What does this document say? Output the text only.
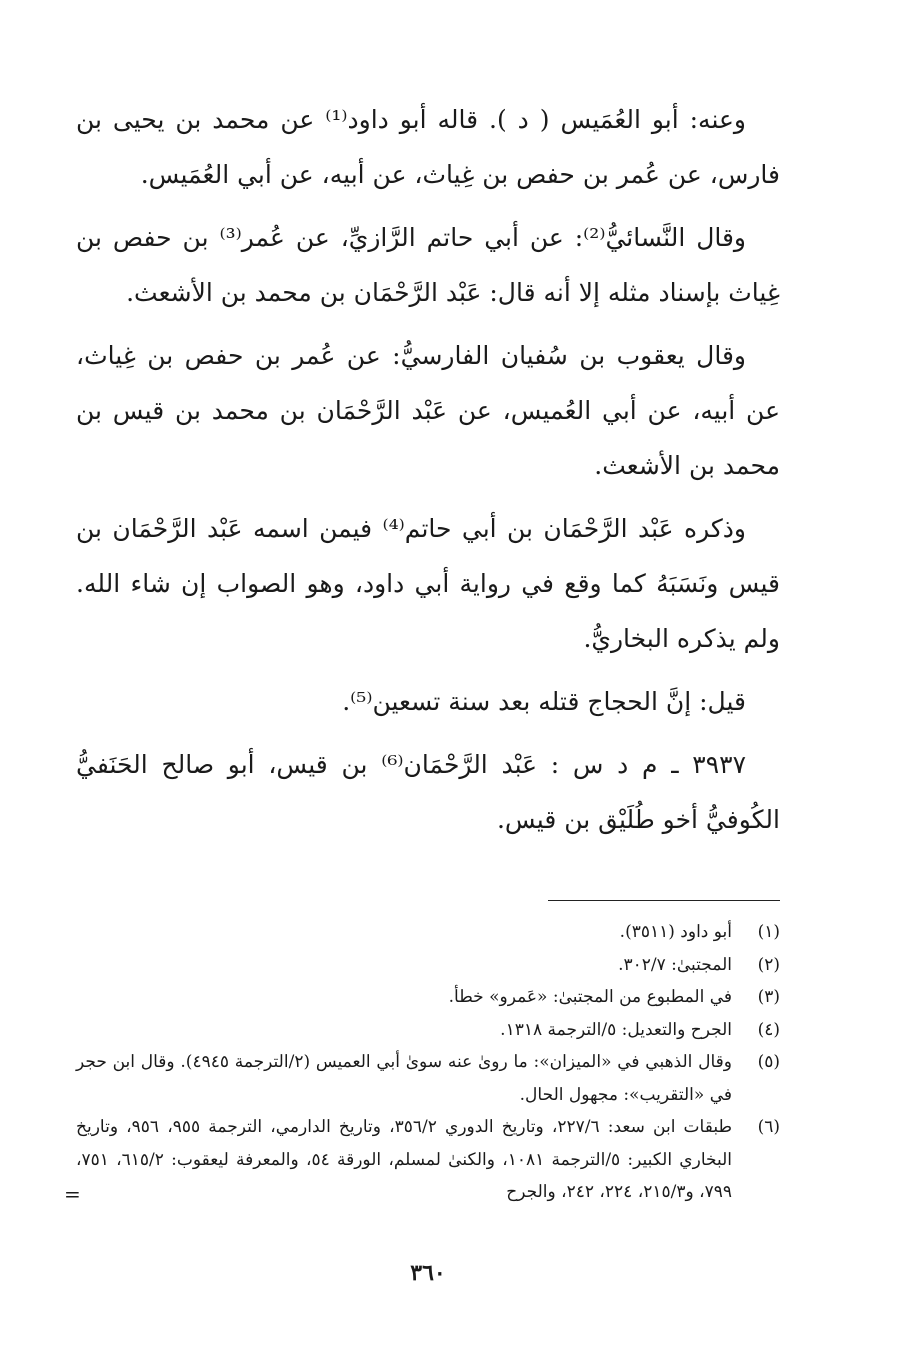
وعنه: أبو العُمَيس ( د ). قاله أبو داود⁽¹⁾ عن محمد بن يحيى بن فارس، عن عُمر بن حفص بن غِياث، عن أبيه، عن أبي العُمَيس.

وقال النَّسائيُّ⁽²⁾: عن أبي حاتم الرَّازيِّ، عن عُمر⁽³⁾ بن حفص بن غِياث بإسناد مثله إلا أنه قال: عَبْد الرَّحْمَان بن محمد بن الأشعث.

وقال يعقوب بن سُفيان الفارسيُّ: عن عُمر بن حفص بن غِياث، عن أبيه، عن أبي العُميس، عن عَبْد الرَّحْمَان بن محمد بن قيس بن محمد بن الأشعث.

وذكره عَبْد الرَّحْمَان بن أبي حاتم⁽⁴⁾ فيمن اسمه عَبْد الرَّحْمَان بن قيس ونَسَبَهُ كما وقع في رواية أبي داود، وهو الصواب إن شاء الله. ولم يذكره البخاريُّ.

قيل: إنَّ الحجاج قتله بعد سنة تسعين⁽⁵⁾.

٣٩٣٧ ـ م د س : عَبْد الرَّحْمَان⁽⁶⁾ بن قيس، أبو صالح الحَنَفيُّ الكُوفيُّ أخو طُلَيْق بن قيس.

(١)
أبو داود (٣٥١١).
(٢)
المجتبىٰ: ٣٠٢/٧.
(٣)
في المطبوع من المجتبىٰ: «عَمرو» خطأ.
(٤)
الجرح والتعديل: ٥/الترجمة ١٣١٨.
(٥)
وقال الذهبي في «الميزان»: ما روىٰ عنه سوىٰ أبي العميس (٢/الترجمة ٤٩٤٥). وقال ابن حجر في «التقريب»: مجهول الحال.
(٦)
طبقات ابن سعد: ٢٢٧/٦، وتاريخ الدوري ٣٥٦/٢، وتاريخ الدارمي، الترجمة ٩٥٥، ٩٥٦، وتاريخ البخاري الكبير: ٥/الترجمة ١٠٨١، والكنىٰ لمسلم، الورقة ٥٤، والمعرفة ليعقوب: ٦١٥/٢، ٧٥١، ٧٩٩، و٢١٥/٣، ٢٢٤، ٢٤٢، والجرح
=
٣٦٠
